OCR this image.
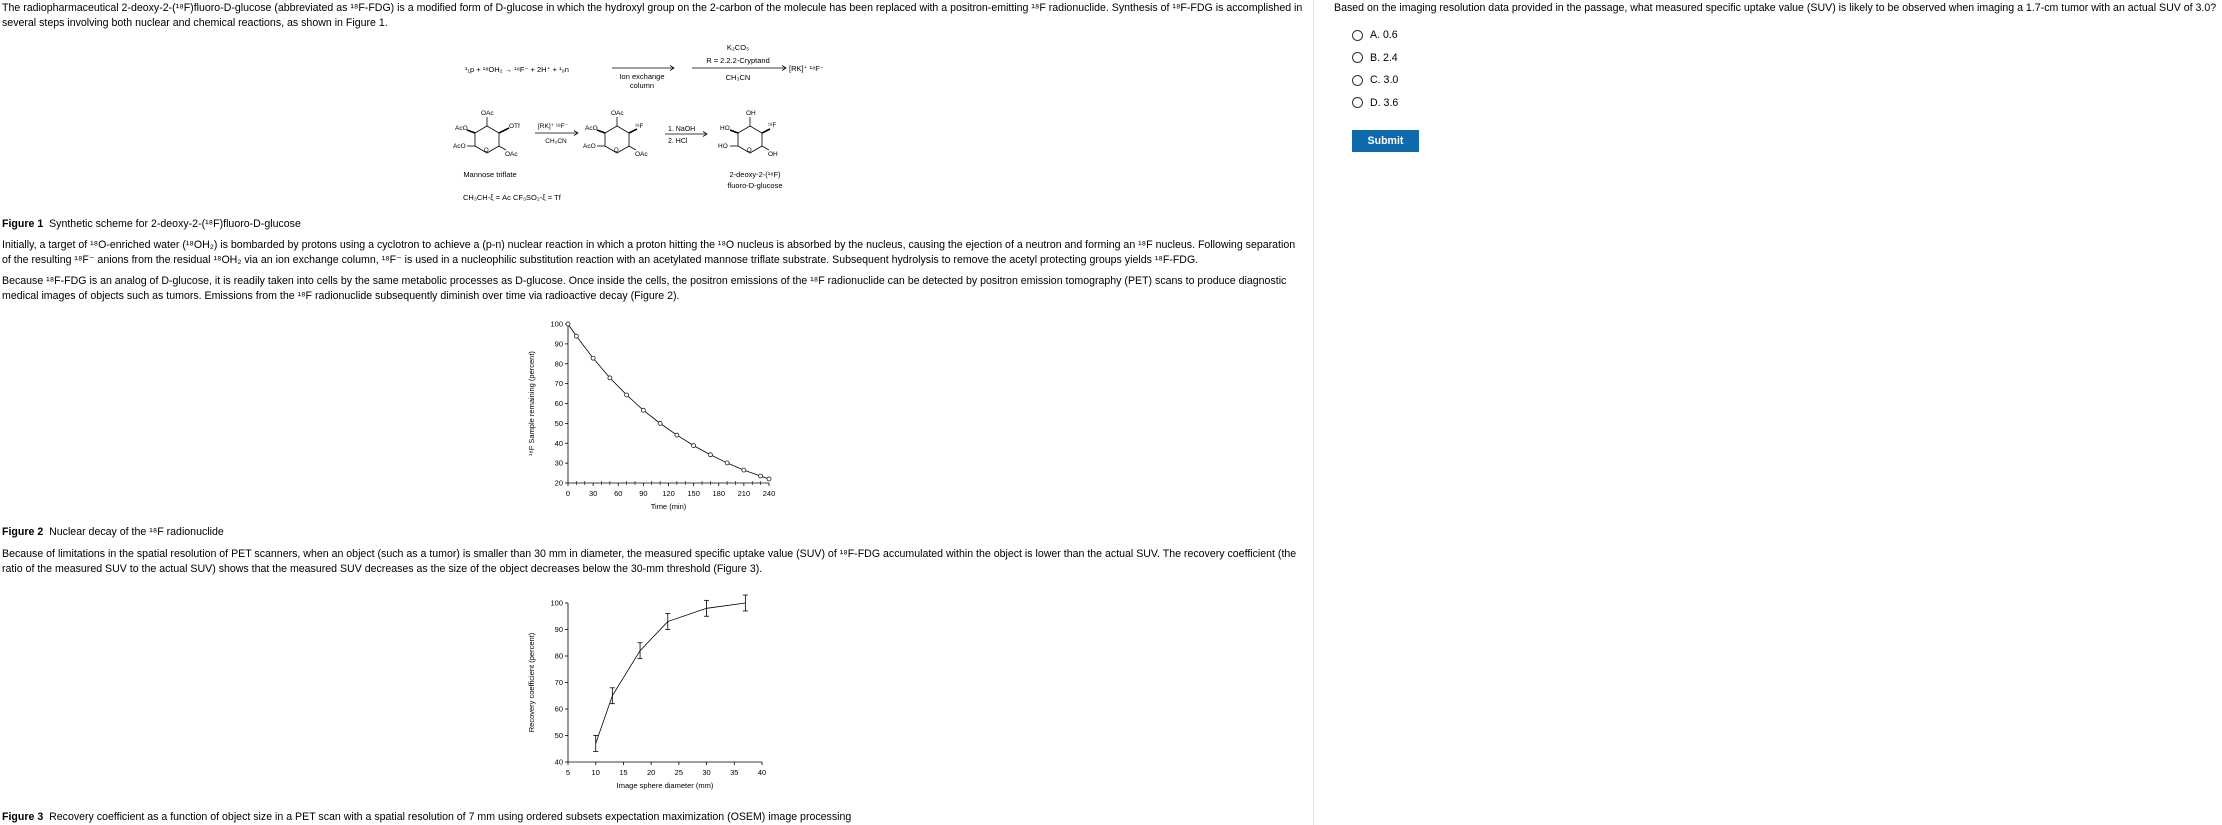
The radiopharmaceutical 2-deoxy-2-(¹⁸F)fluoro-D-glucose (abbreviated as ¹⁸F-FDG) is a modified form of D-glucose in which the hydroxyl group on the 2-carbon of the molecule has been replaced with a positron-emitting ¹⁸F radionuclide. Synthesis of ¹⁸F-FDG is accomplished in several steps involving both nuclear and chemical reactions, as shown in Figure 1.

¹₁p + ¹⁸OH₂ → ¹⁸F⁻ + 2H⁺ + ¹₀n
Ion exchange
column
K₂CO₃
R = 2.2.2-Cryptand
CH₃CN
[RK]⁺ ¹⁸F⁻
OAc
OTf
AcO
AcO
O	OAc
Mannose triflate
[RK]⁺ ¹⁸F⁻
CH₃CN
OAc
¹⁸F
AcO
AcO
O	OAc
1. NaOH
2. HCl
OH
¹⁸F
HO
HO
O	OH
2-deoxy-2-(¹⁸F)
fluoro-D-glucose
CH₃CH-ξ = Ac CF₃SO₂-ξ = Tf

Figure 1 Synthetic scheme for 2-deoxy-2-(¹⁸F)fluoro-D-glucose

Initially, a target of ¹⁸O-enriched water (¹⁸OH₂) is bombarded by protons using a cyclotron to achieve a (p-n) nuclear reaction in which a proton hitting the ¹⁸O nucleus is absorbed by the nucleus, causing the ejection of a neutron and forming an ¹⁸F nucleus. Following separation of the resulting ¹⁸F⁻ anions from the residual ¹⁸OH₂ via an ion exchange column, ¹⁸F⁻ is used in a nucleophilic substitution reaction with an acetylated mannose triflate substrate. Subsequent hydrolysis to remove the acetyl protecting groups yields ¹⁸F-FDG.

Because ¹⁸F-FDG is an analog of D-glucose, it is readily taken into cells by the same metabolic processes as D-glucose. Once inside the cells, the positron emissions of the ¹⁸F radionuclide can be detected by positron emission tomography (PET) scans to produce diagnostic medical images of objects such as tumors. Emissions from the ¹⁸F radionuclide subsequently diminish over time via radioactive decay (Figure 2).

20
30
40
50
60
70
80
90
100
0	30 60 90 120 150 180 210 240
Time (min)
¹⁸F Sample remaining (percent)

Figure 2 Nuclear decay of the ¹⁸F radionuclide

Because of limitations in the spatial resolution of PET scanners, when an object (such as a tumor) is smaller than 30 mm in diameter, the measured specific uptake value (SUV) of ¹⁸F-FDG accumulated within the object is lower than the actual SUV. The recovery coefficient (the ratio of the measured SUV to the actual SUV) shows that the measured SUV decreases as the size of the object decreases below the 30-mm threshold (Figure 3).

40
50
60
70
80
90
100
5	10	15	20	25	30	35	40
Image sphere diameter (mm)
Recovery coefficient (percent)

Figure 3 Recovery coefficient as a function of object size in a PET scan with a spatial resolution of 7 mm using ordered subsets expectation maximization (OSEM) image processing

Based on the imaging resolution data provided in the passage, what measured specific uptake value (SUV) is likely to be observed when imaging a 1.7-cm tumor with an actual SUV of 3.0?
A.
0.6
B.
2.4
C.
3.0
D.
3.6
Submit
